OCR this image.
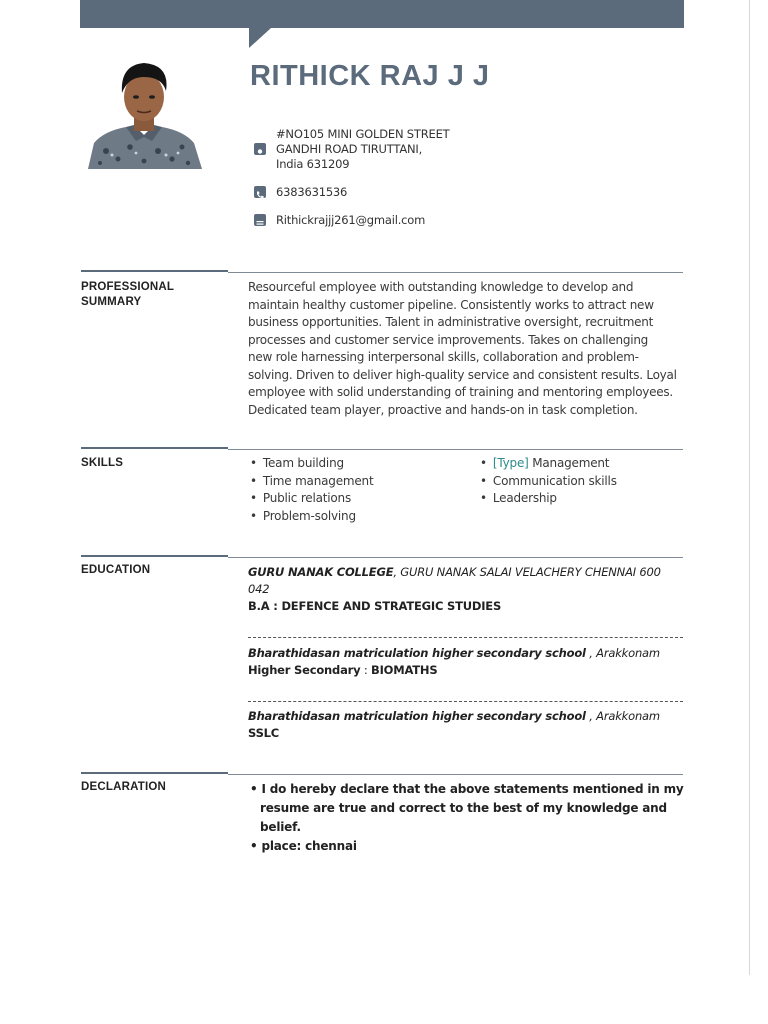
RITHICK RAJ J J
#NO105 MINI GOLDEN STREET
GANDHI ROAD TIRUTTANI,
India 631209
6383631536
Rithickrajjj261@gmail.com
PROFESSIONAL
SUMMARY
Resourceful employee with outstanding knowledge to develop and
maintain healthy customer pipeline. Consistently works to attract new
business opportunities. Talent in administrative oversight, recruitment
processes and customer service improvements. Takes on challenging
new role harnessing interpersonal skills, collaboration and problem-
solving. Driven to deliver high-quality service and consistent results. Loyal
employee with solid understanding of training and mentoring employees.
Dedicated team player, proactive and hands-on in task completion.
SKILLS	• Team building
• Time management
• Public relations
• Problem-solving
• [Type] Management
• Communication skills
• Leadership
EDUCATION	GURU NANAK COLLEGE, GURU NANAK SALAI VELACHERY CHENNAI 600
042
B.A : DEFENCE AND STRATEGIC STUDIES
Bharathidasan matriculation higher secondary school , Arakkonam
Higher Secondary : BIOMATHS
Bharathidasan matriculation higher secondary school , Arakkonam
SSLC
DECLARATION	• I do hereby declare that the above statements mentioned in my resume are true and correct to the best of my knowledge and belief.
• place: chennai
